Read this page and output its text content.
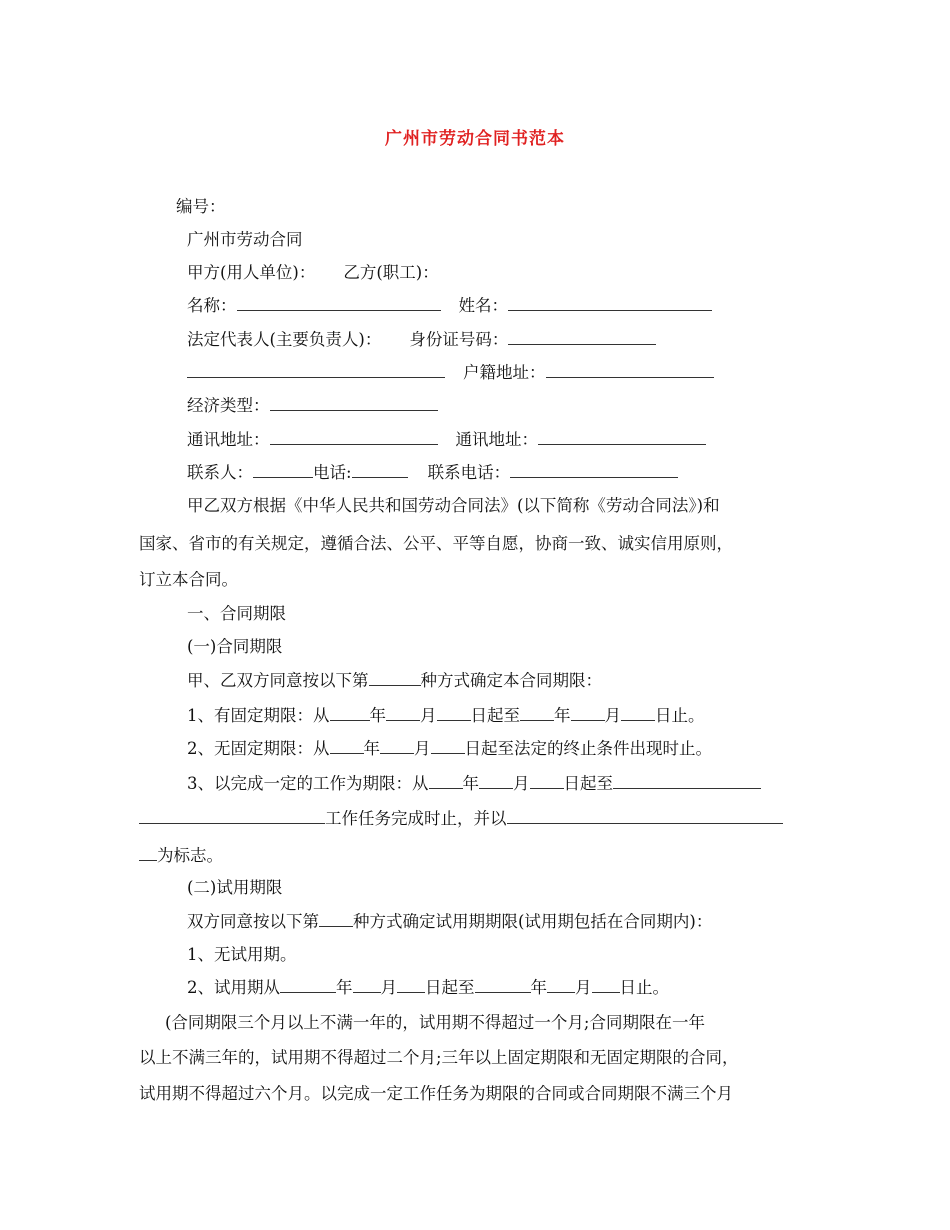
广州市劳动合同书范本
编号：
广州市劳动合同
甲方(用人单位)： 乙方(职工)：
名称：	姓名：
法定代表人(主要负责人)： 身份证号码：
户籍地址：
经济类型：
通讯地址：	通讯地址：
联系人：	电话:	联系电话：
甲乙双方根据《中华人民共和国劳动合同法》(以下简称《劳动合同法》)和
国家、省市的有关规定，遵循合法、公平、平等自愿，协商一致、诚实信用原则，
订立本合同。
一、合同期限
(一)合同期限
甲、乙双方同意按以下第	种方式确定本合同期限：
1、有固定期限：从 年 月 日起至 年 月 日止。
2、无固定期限：从 年 月 日起至法定的终止条件出现时止。
3、以完成一定的工作为期限：从 年 月 日起至
工作任务完成时止，并以
为标志。
(二)试用期限
双方同意按以下第 种方式确定试用期期限(试用期包括在合同期内)：
1、无试用期。
2、试用期从	年 月 日起至	年 月 日止。
(合同期限三个月以上不满一年的，试用期不得超过一个月;合同期限在一年
以上不满三年的，试用期不得超过二个月;三年以上固定期限和无固定期限的合同，
试用期不得超过六个月。以完成一定工作任务为期限的合同或合同期限不满三个月
